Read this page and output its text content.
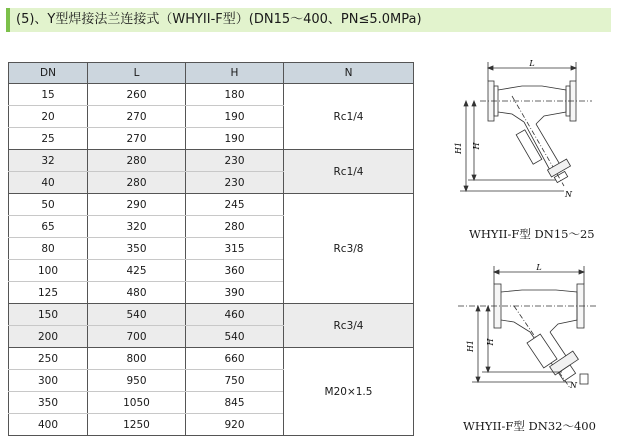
(5)、Y型焊接法兰连接式（WHYII-F型）(DN15～400、PN≤5.0MPa)
DN	L	H	N
15	260	180	Rc1/4
20	270	190	
25	270	190	
32	280	230	Rc1/4
40	280	230	
50	290	245	Rc3/8
65	320	280	
80	350	315	
100	425	360	
125	480	390	
150	540	460	Rc3/4
200	700	540	
250	800	660	M20×1.5
300	950	750	
350	1050	845	
400	1250	920	
L
H1 H
N
WHYII-F型 DN15～25
L
H1 H
N
WHYII-F型 DN32～400
